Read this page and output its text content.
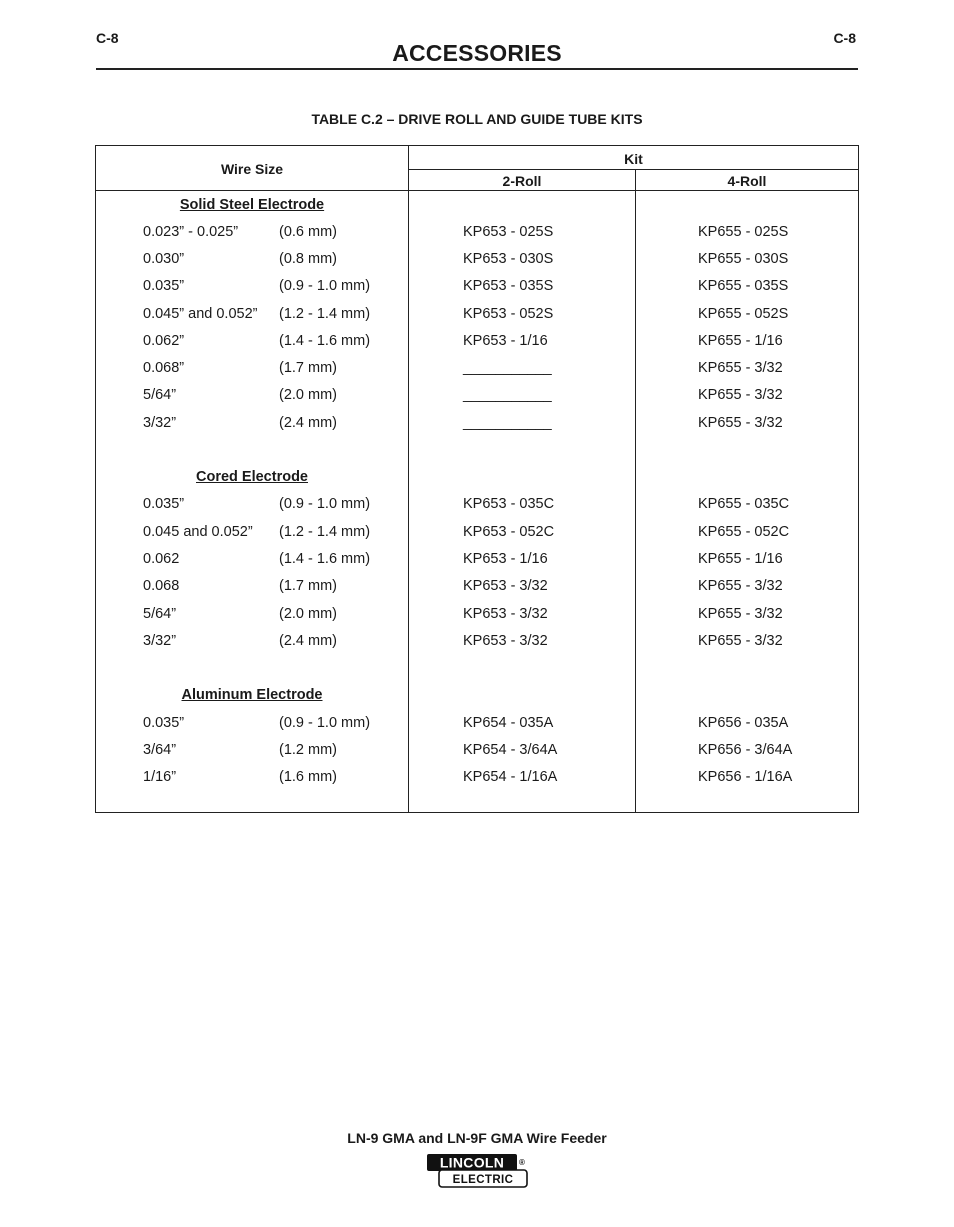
C-8	C-8
ACCESSORIES
TABLE C.2 – DRIVE ROLL AND GUIDE TUBE KITS
Wire Size
Kit
2-Roll	4-Roll
Solid Steel Electrode
0.023” - 0.025”	(0.6 mm)	KP653 - 025S	KP655 - 025S
0.030”	(0.8 mm)	KP653 - 030S	KP655 - 030S
0.035”	(0.9 - 1.0 mm)	KP653 - 035S	KP655 - 035S
0.045” and 0.052” (1.2 - 1.4 mm)	KP653 - 052S	KP655 - 052S
0.062”	(1.4 - 1.6 mm)	KP653 - 1/16	KP655 - 1/16
0.068”	(1.7 mm)	___________	KP655 - 3/32
5/64”	(2.0 mm)	___________	KP655 - 3/32
3/32”	(2.4 mm)	___________	KP655 - 3/32
Cored Electrode
0.035”	(0.9 - 1.0 mm)	KP653 - 035C	KP655 - 035C
0.045 and 0.052” (1.2 - 1.4 mm)	KP653 - 052C	KP655 - 052C
0.062	(1.4 - 1.6 mm)	KP653 - 1/16	KP655 - 1/16
0.068	(1.7 mm)	KP653 - 3/32	KP655 - 3/32
5/64”	(2.0 mm)	KP653 - 3/32	KP655 - 3/32
3/32”	(2.4 mm)	KP653 - 3/32	KP655 - 3/32
Aluminum Electrode
0.035”	(0.9 - 1.0 mm)	KP654 - 035A	KP656 - 035A
3/64”	(1.2 mm)	KP654 - 3/64A	KP656 - 3/64A
1/16”	(1.6 mm)	KP654 - 1/16A	KP656 - 1/16A
LN-9 GMA and LN-9F GMA Wire Feeder
LINCOLN
ELECTRIC
®
